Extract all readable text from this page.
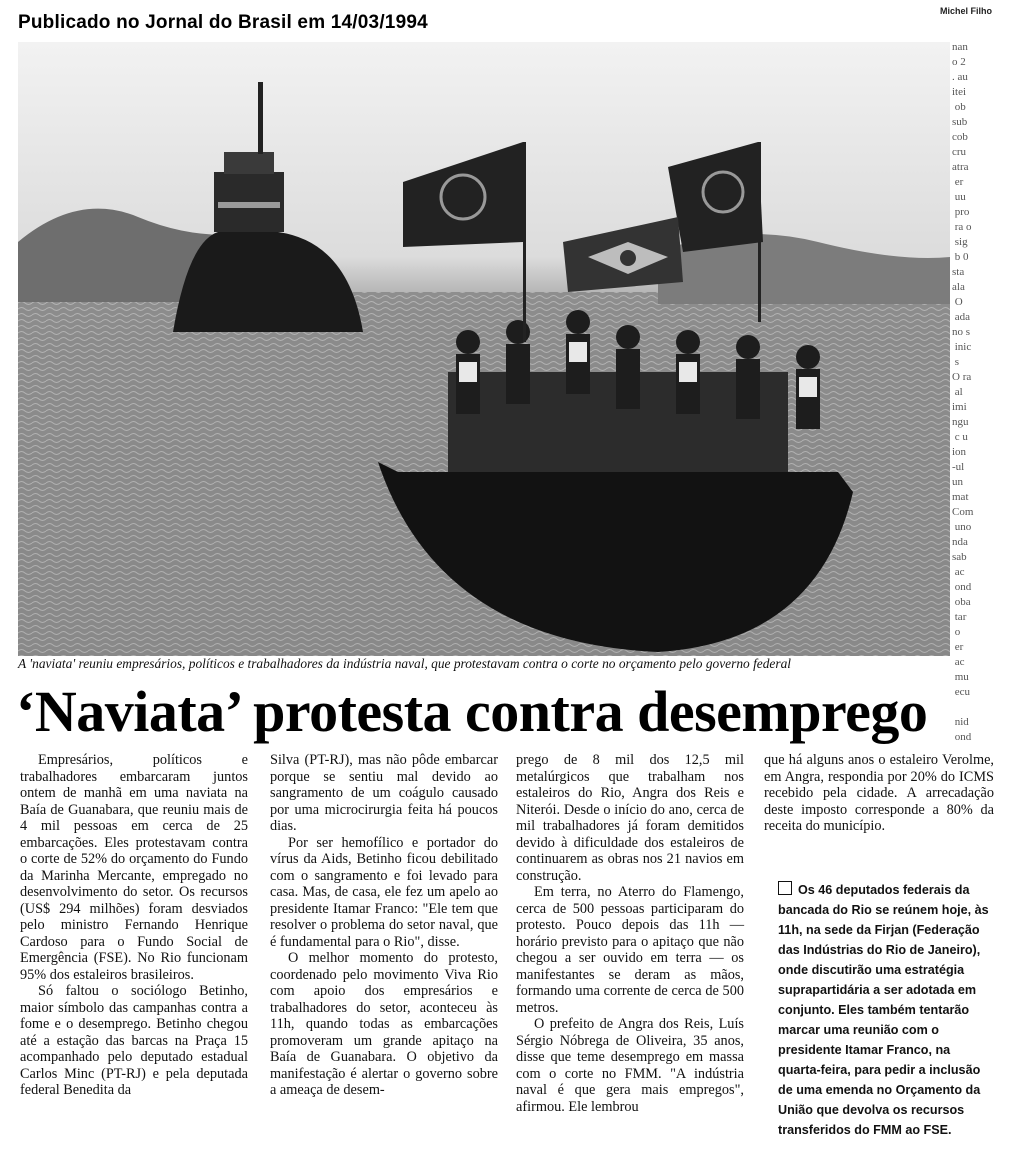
Publicado no Jornal do Brasil em 14/03/1994
Michel Filho
nan
о 2
. au
itei
ob
sub
cob
cru
atra
er
uu
pro
ra o
sig
b 0
sta
ala
O
ada
no s
inic
s
O ra
al
imi
ngu
c u
ion
-ul
un
mat
Com
uno
nda
sab
ac
ond
oba
tar
o
er
ac
mu
ecu

nid
ond

A 'naviata' reuniu empresários, políticos e trabalhadores da indústria naval, que protestavam contra o corte no orçamento pelo governo federal
‘Naviata’ protesta contra desemprego

Empresários, políticos e trabalhadores embarcaram juntos ontem de manhã em uma naviata na Baía de Guanabara, que reuniu mais de 4 mil pessoas em cerca de 25 embarcações. Eles protestavam contra o corte de 52% do orçamento do Fundo da Marinha Mercante, empregado no desenvolvimento do setor. Os recursos (US$ 294 milhões) foram desviados pelo ministro Fernando Henrique Cardoso para o Fundo Social de Emergência (FSE). No Rio funcionam 95% dos estaleiros brasileiros.

Só faltou o sociólogo Betinho, maior símbolo das campanhas contra a fome e o desemprego. Betinho chegou até a estação das barcas na Praça 15 acompanhado pelo deputado estadual Carlos Minc (PT-RJ) e pela deputada federal Benedita da

Silva (PT-RJ), mas não pôde embarcar porque se sentiu mal devido ao sangramento de um coágulo causado por uma microcirurgia feita há poucos dias.

Por ser hemofílico e portador do vírus da Aids, Betinho ficou debilitado com o sangramento e foi levado para casa. Mas, de casa, ele fez um apelo ao presidente Itamar Franco: "Ele tem que resolver o problema do setor naval, que é fundamental para o Rio", disse.

O melhor momento do protesto, coordenado pelo movimento Viva Rio com apoio dos empresários e trabalhadores do setor, aconteceu às 11h, quando todas as embarcações promoveram um grande apitaço na Baía de Guanabara. O objetivo da manifestação é alertar o governo sobre a ameaça de desem-

prego de 8 mil dos 12,5 mil metalúrgicos que trabalham nos estaleiros do Rio, Angra dos Reis e Niterói. Desde o início do ano, cerca de mil trabalhadores já foram demitidos devido à dificuldade dos estaleiros de continuarem as obras nos 21 navios em construção.

Em terra, no Aterro do Flamengo, cerca de 500 pessoas participaram do protesto. Pouco depois das 11h — horário previsto para o apitaço que não chegou a ser ouvido em terra — os manifestantes se deram as mãos, formando uma corrente de cerca de 500 metros.

O prefeito de Angra dos Reis, Luís Sérgio Nóbrega de Oliveira, 35 anos, disse que teme desemprego em massa com o corte no FMM. "A indústria naval é que gera mais empregos", afirmou. Ele lembrou

que há alguns anos o estaleiro Verolme, em Angra, respondia por 20% do ICMS recebido pela cidade. A arrecadação deste imposto corresponde a 80% da receita do município.

Os 46 deputados federais da bancada do Rio se reúnem hoje, às 11h, na sede da Firjan (Federação das Indústrias do Rio de Janeiro), onde discutirão uma estratégia suprapartidária a ser adotada em conjunto. Eles também tentarão marcar uma reunião com o presidente Itamar Franco, na quarta-feira, para pedir a inclusão de uma emenda no Orçamento da União que devolva os recursos transferidos do FMM ao FSE.
